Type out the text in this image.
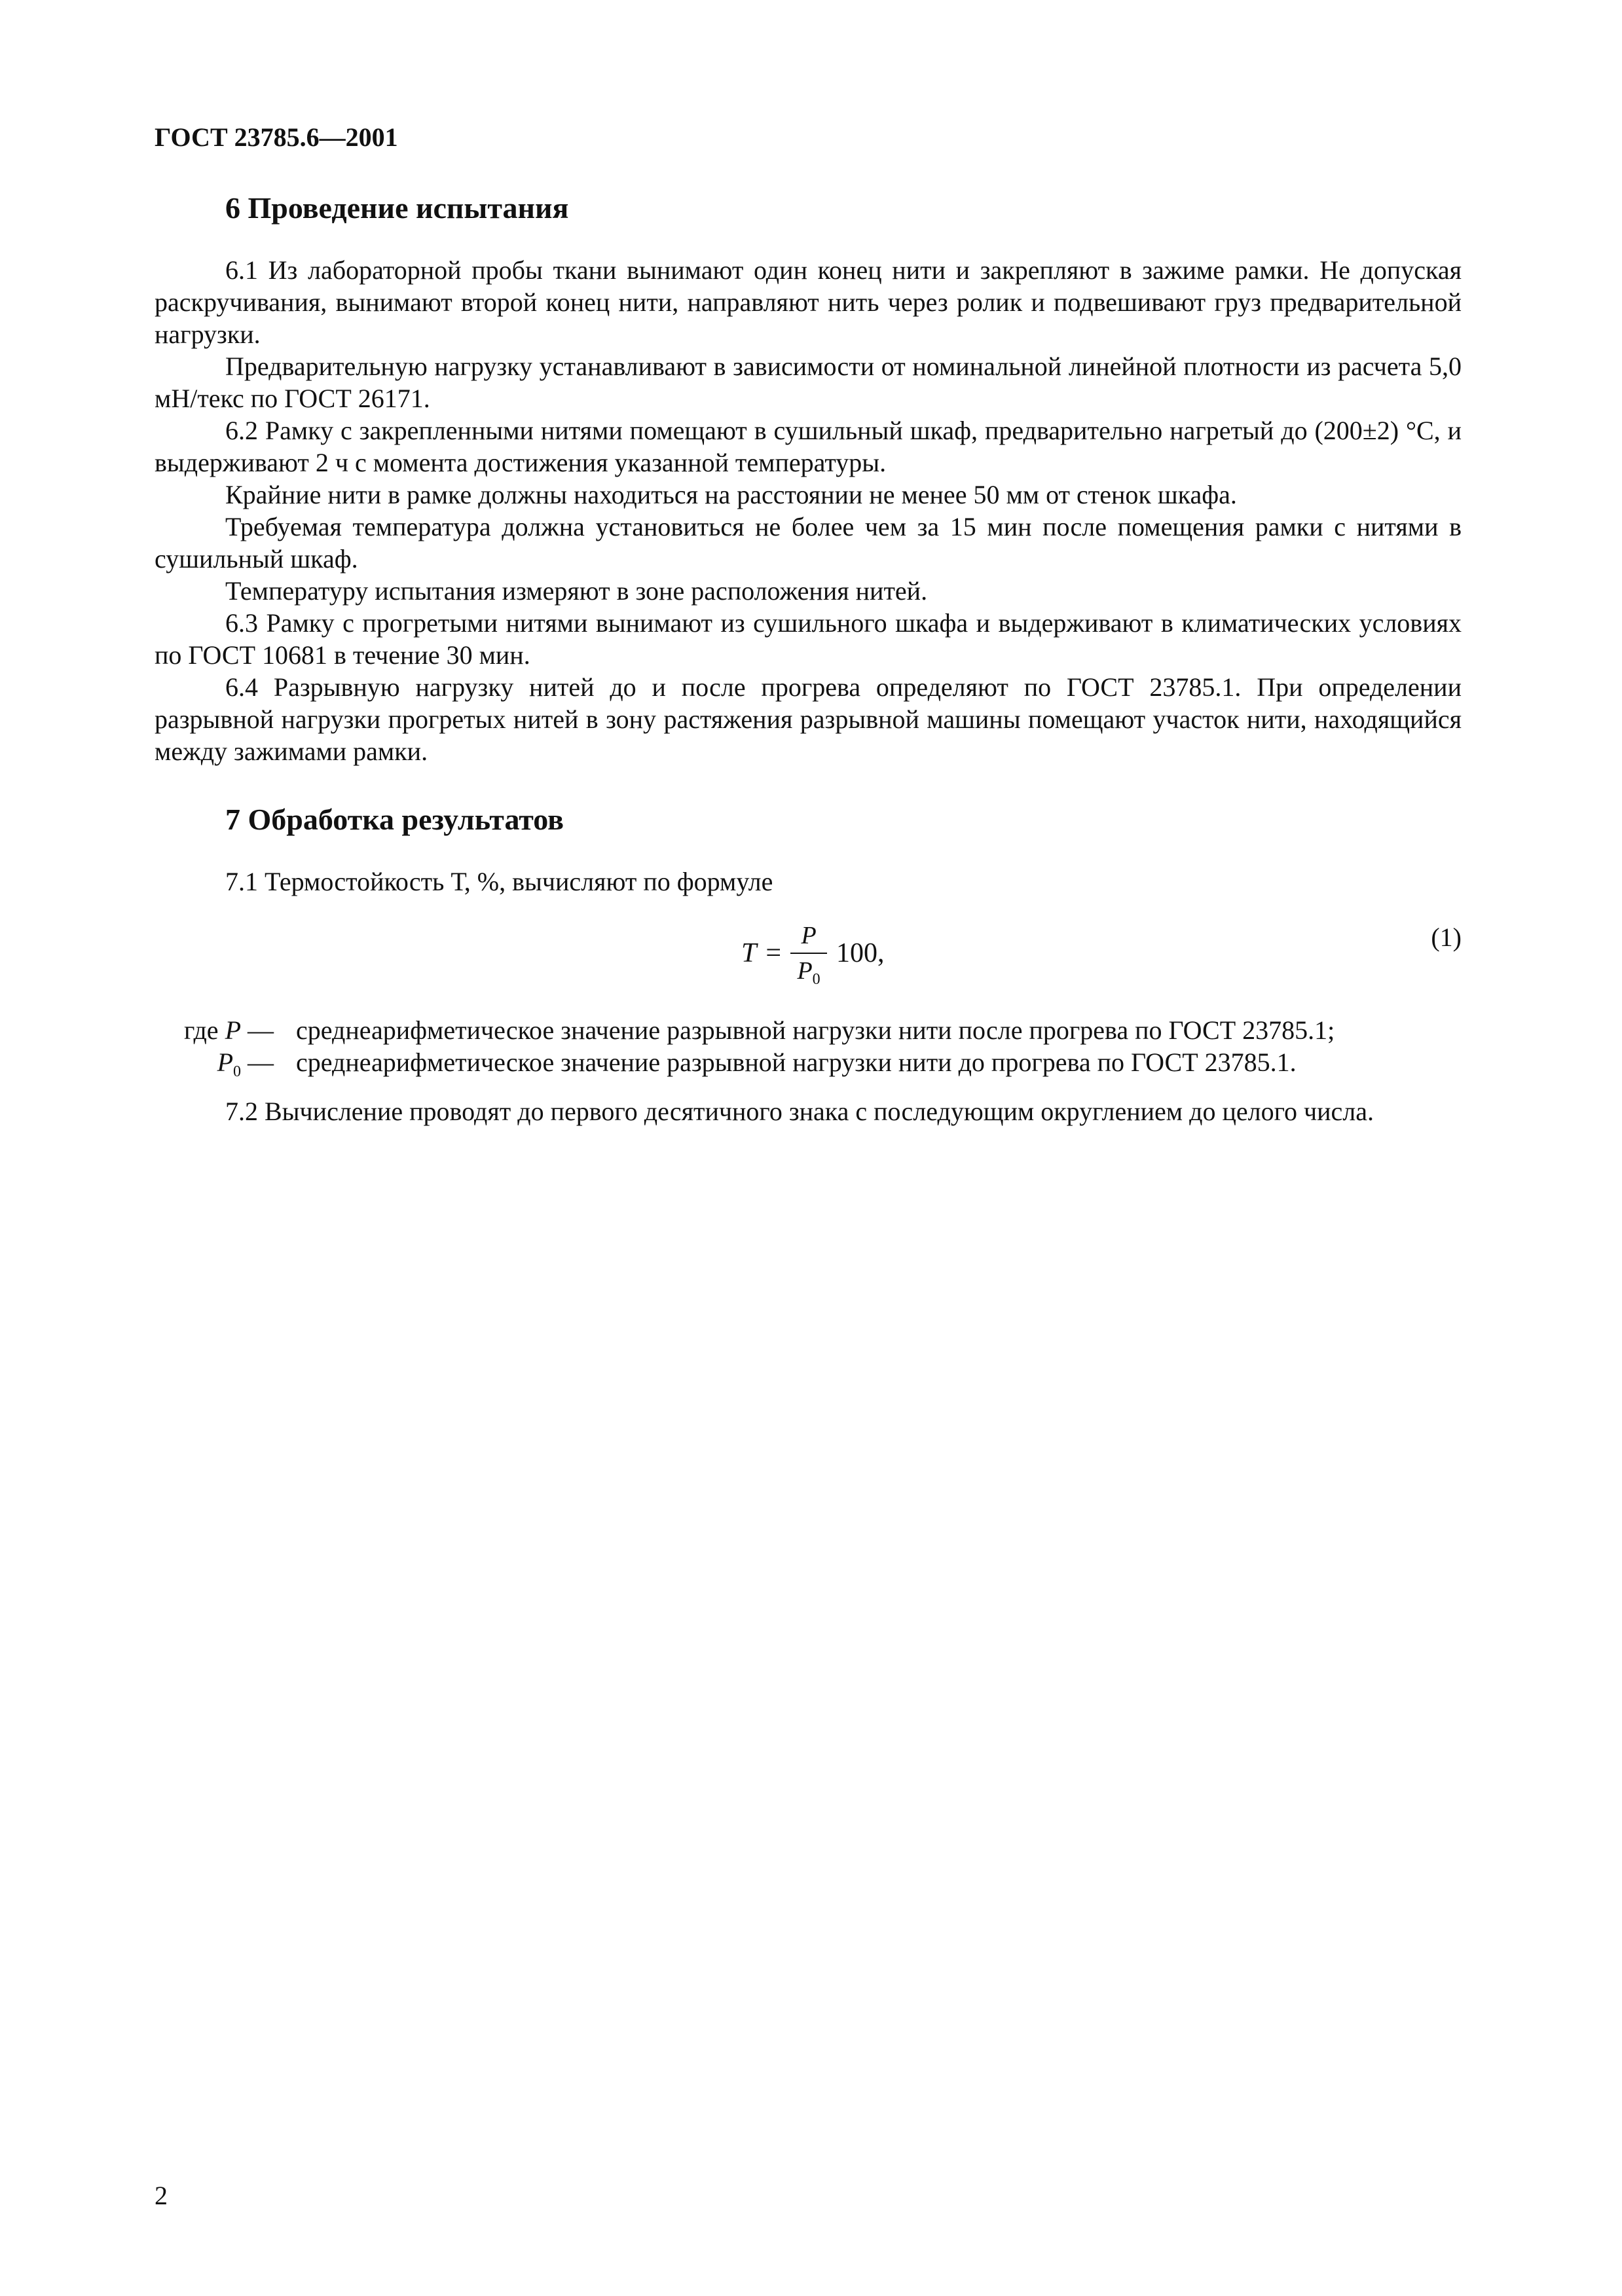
ГОСТ 23785.6—2001
6 Проведение испытания

6.1 Из лабораторной пробы ткани вынимают один конец нити и закрепляют в зажиме рамки. Не допуская раскручивания, вынимают второй конец нити, направляют нить через ролик и подвешивают груз предварительной нагрузки.

Предварительную нагрузку устанавливают в зависимости от номинальной линейной плотности из расчета 5,0 мН/текс по ГОСТ 26171.

6.2 Рамку с закрепленными нитями помещают в сушильный шкаф, предварительно нагретый до (200±2) °С, и выдерживают 2 ч с момента достижения указанной температуры.

Крайние нити в рамке должны находиться на расстоянии не менее 50 мм от стенок шкафа.

Требуемая температура должна установиться не более чем за 15 мин после помещения рамки с нитями в сушильный шкаф.

Температуру испытания измеряют в зоне расположения нитей.

6.3 Рамку с прогретыми нитями вынимают из сушильного шкафа и выдерживают в климатических условиях по ГОСТ 10681 в течение 30 мин.

6.4 Разрывную нагрузку нитей до и после прогрева определяют по ГОСТ 23785.1. При определении разрывной нагрузки прогретых нитей в зону растяжения разрывной машины помещают участок нити, находящийся между зажимами рамки.

7 Обработка результатов

7.1 Термостойкость Т, %, вычисляют по формуле

$T = \frac{P}{P_0} 100$,
(1)
где P — среднеарифметическое значение разрывной нагрузки нити после прогрева по ГОСТ 23785.1;
$P_0$ — среднеарифметическое значение разрывной нагрузки нити до прогрева по ГОСТ 23785.1.

7.2 Вычисление проводят до первого десятичного знака с последующим округлением до целого числа.

2
